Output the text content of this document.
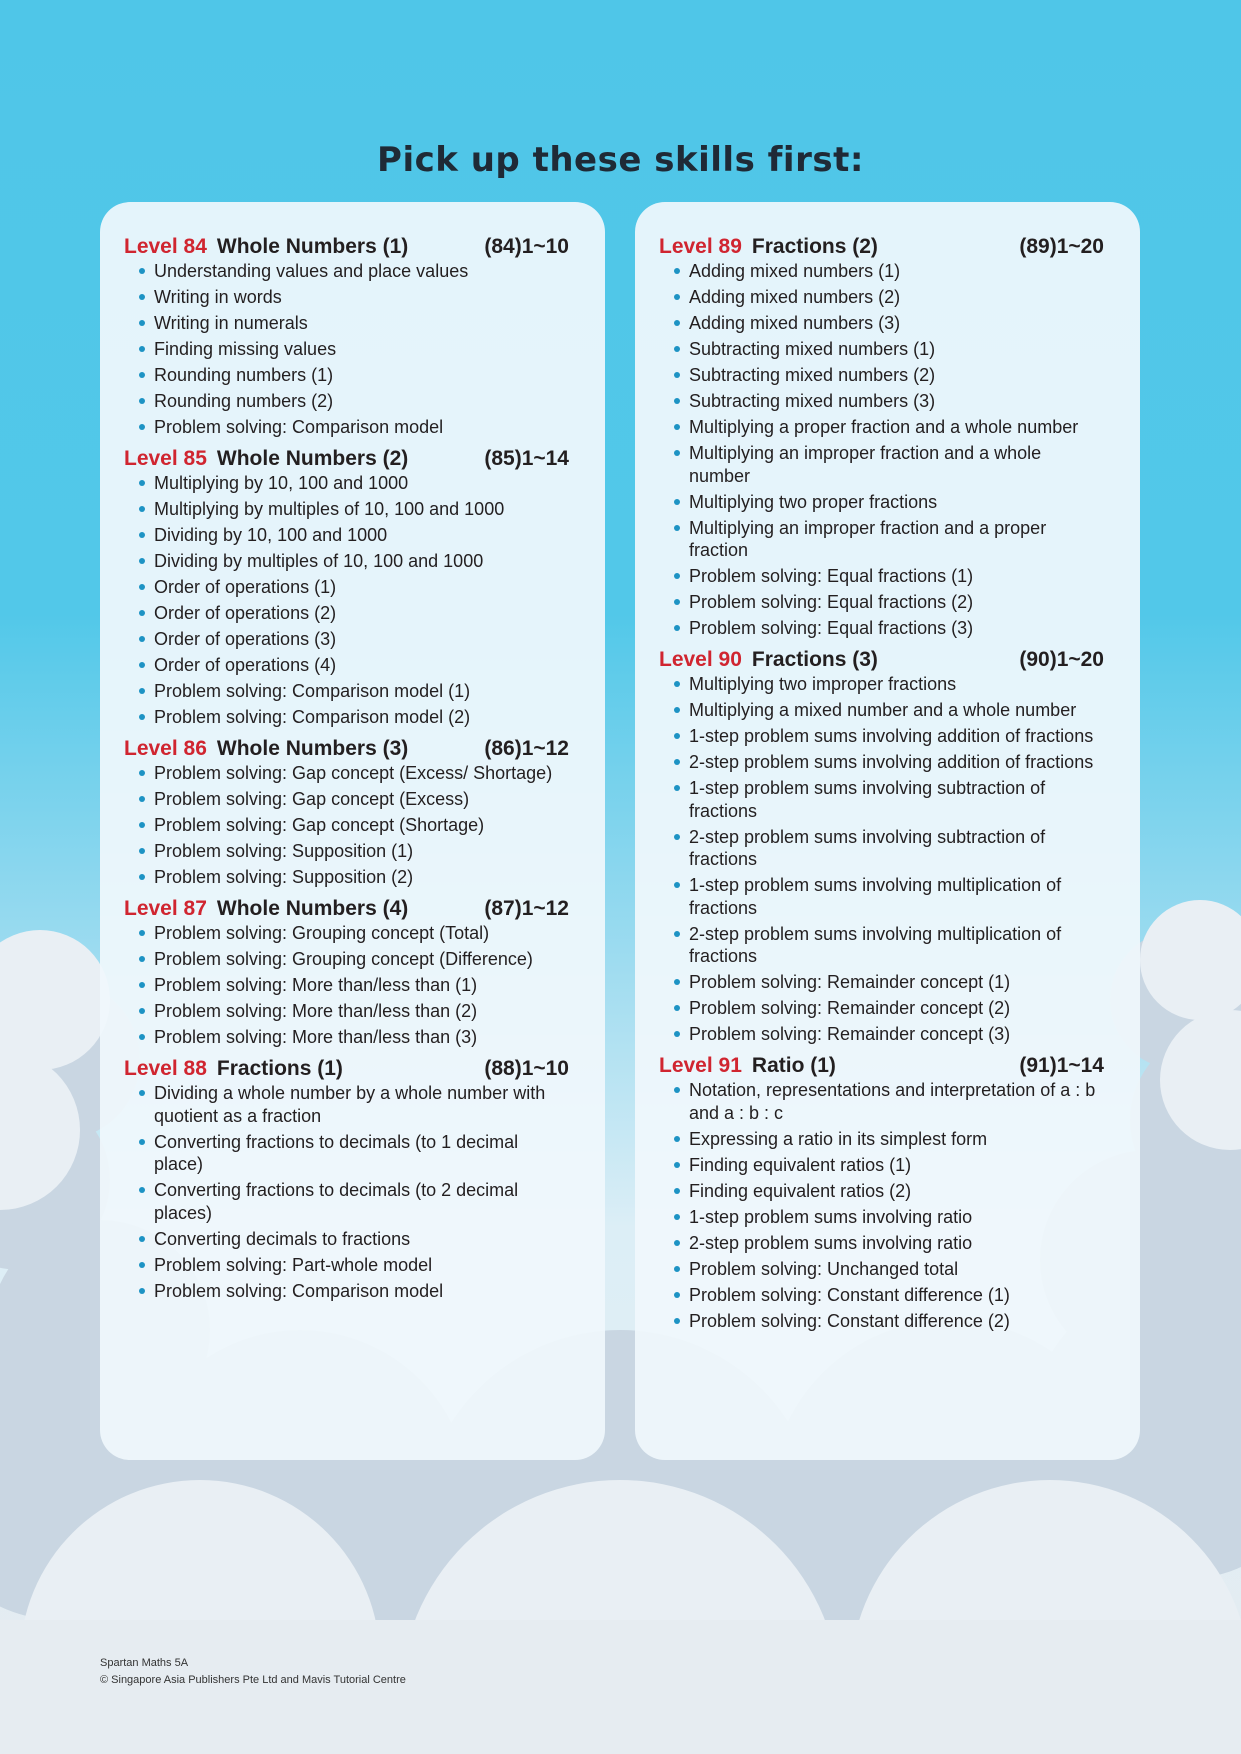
Pick up these skills first:
Level 84 Whole Numbers (1)	(84)1~10
Understanding values and place values
Writing in words
Writing in numerals
Finding missing values
Rounding numbers (1)
Rounding numbers (2)
Problem solving: Comparison model
Level 85 Whole Numbers (2)	(85)1~14
Multiplying by 10, 100 and 1000
Multiplying by multiples of 10, 100 and 1000
Dividing by 10, 100 and 1000
Dividing by multiples of 10, 100 and 1000
Order of operations (1)
Order of operations (2)
Order of operations (3)
Order of operations (4)
Problem solving: Comparison model (1)
Problem solving: Comparison model (2)
Level 86 Whole Numbers (3)	(86)1~12
Problem solving: Gap concept (Excess/ Shortage)
Problem solving: Gap concept (Excess)
Problem solving: Gap concept (Shortage)
Problem solving: Supposition (1)
Problem solving: Supposition (2)
Level 87 Whole Numbers (4)	(87)1~12
Problem solving: Grouping concept (Total)
Problem solving: Grouping concept (Difference)
Problem solving: More than/less than (1)
Problem solving: More than/less than (2)
Problem solving: More than/less than (3)
Level 88 Fractions (1)	(88)1~10
Dividing a whole number by a whole number with quotient as a fraction
Converting fractions to decimals (to 1 decimal place)
Converting fractions to decimals (to 2 decimal places)
Converting decimals to fractions
Problem solving: Part-whole model
Problem solving: Comparison model
Level 89 Fractions (2)	(89)1~20
Adding mixed numbers (1)
Adding mixed numbers (2)
Adding mixed numbers (3)
Subtracting mixed numbers (1)
Subtracting mixed numbers (2)
Subtracting mixed numbers (3)
Multiplying a proper fraction and a whole number
Multiplying an improper fraction and a whole number
Multiplying two proper fractions
Multiplying an improper fraction and a proper fraction
Problem solving: Equal fractions (1)
Problem solving: Equal fractions (2)
Problem solving: Equal fractions (3)
Level 90 Fractions (3)	(90)1~20
Multiplying two improper fractions
Multiplying a mixed number and a whole number
1-step problem sums involving addition of fractions
2-step problem sums involving addition of fractions
1-step problem sums involving subtraction of fractions
2-step problem sums involving subtraction of fractions
1-step problem sums involving multiplication of fractions
2-step problem sums involving multiplication of fractions
Problem solving: Remainder concept (1)
Problem solving: Remainder concept (2)
Problem solving: Remainder concept (3)
Level 91 Ratio (1)	(91)1~14
Notation, representations and interpretation of a : b and a : b : c
Expressing a ratio in its simplest form
Finding equivalent ratios (1)
Finding equivalent ratios (2)
1-step problem sums involving ratio
2-step problem sums involving ratio
Problem solving: Unchanged total
Problem solving: Constant difference (1)
Problem solving: Constant difference (2)
Spartan Maths 5A
© Singapore Asia Publishers Pte Ltd and Mavis Tutorial Centre
